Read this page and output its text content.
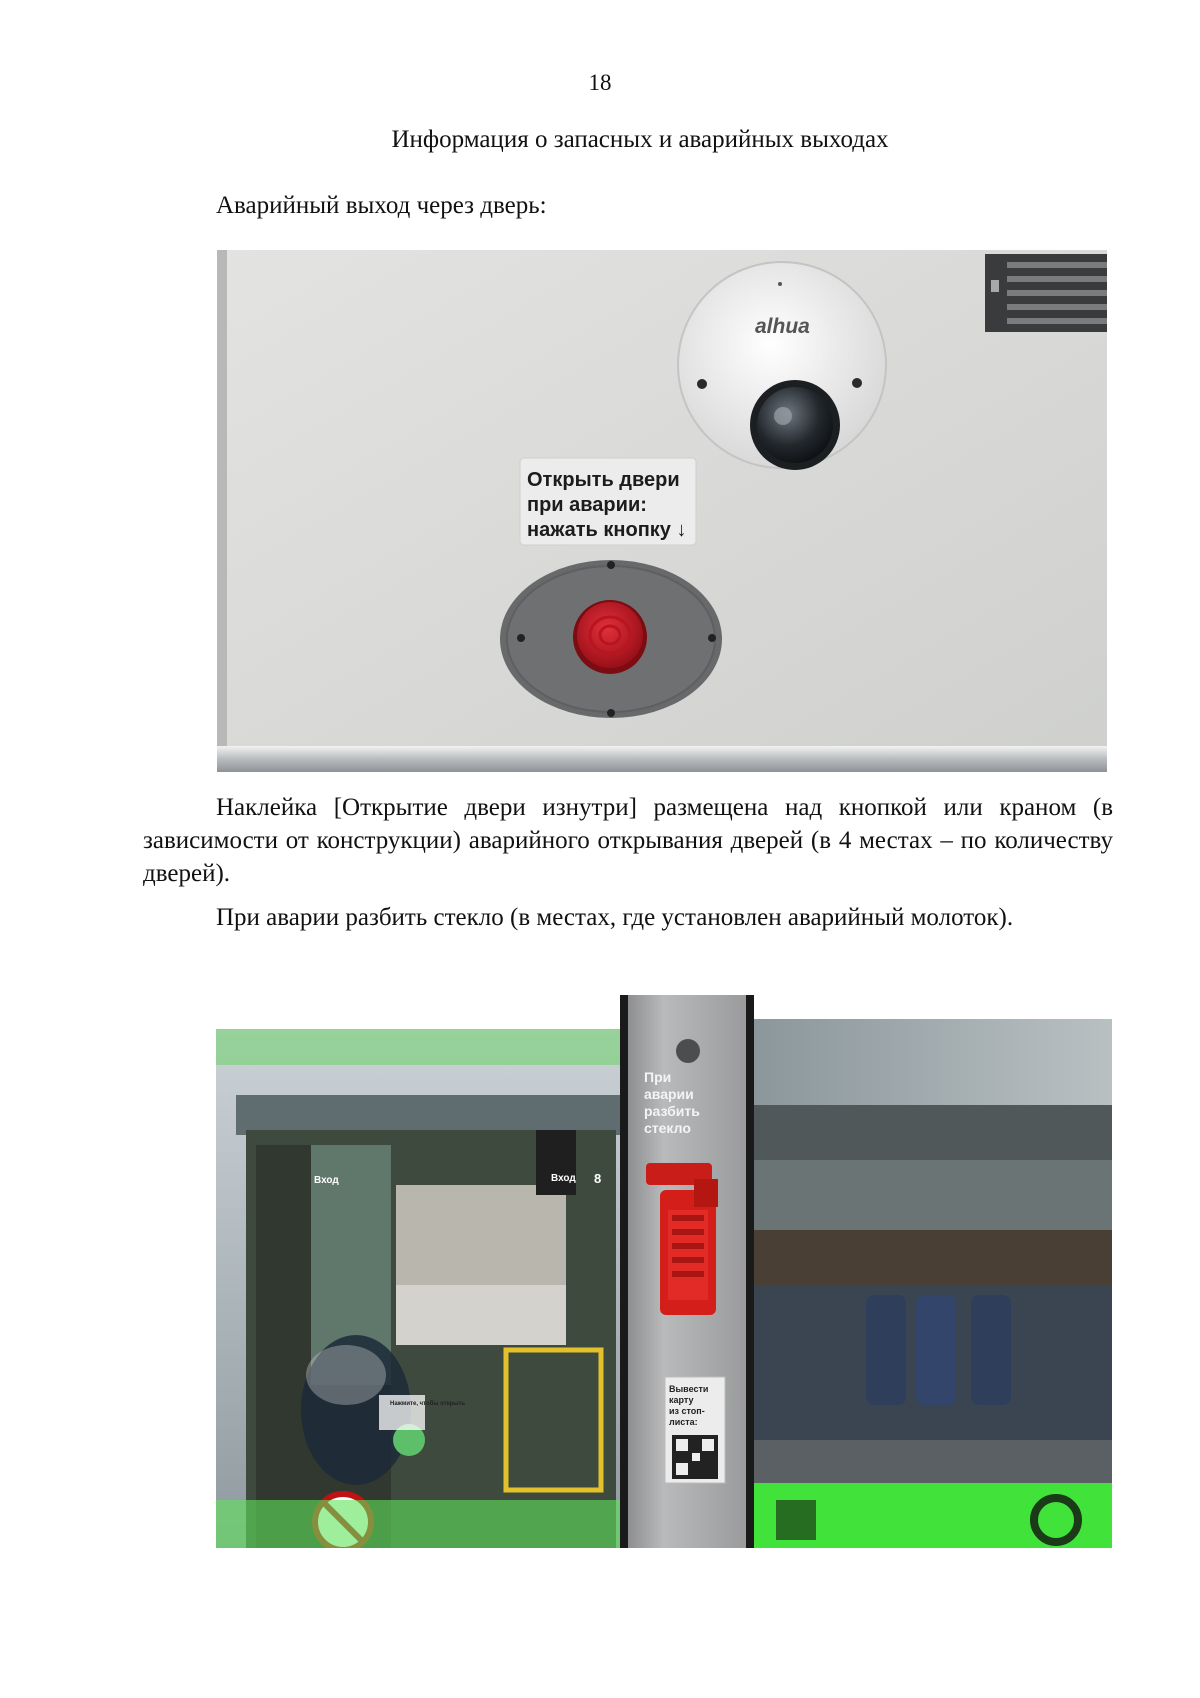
18
Информация о запасных и аварийных выходах
Аварийный выход через дверь:
alhua
Открыть двери
при аварии:
нажать кнопку ↓

Наклейка [Открытие двери изнутри] размещена над кнопкой или краном (в зависимости от конструкции) аварийного открывания дверей (в 4 местах – по количеству дверей).

При аварии разбить стекло (в местах, где установлен аварийный молоток).

Вход	Вход 8
Нажмите, чтобы открыть
При
аварии
разбить
стекло
Вывести
карту
из стоп-
листа:
